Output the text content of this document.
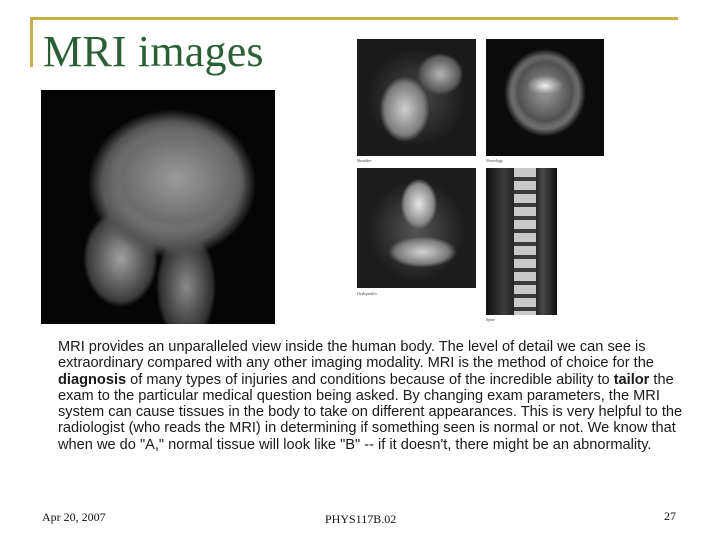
MRI images
Shoulder	Neurology
Orthopedics
Spine

MRI provides an unparalleled view inside the human body. The level of detail we can see is extraordinary compared with any other imaging modality. MRI is the method of choice for the diagnosis of many types of injuries and conditions because of the incredible ability to tailor the exam to the particular medical question being asked. By changing exam parameters, the MRI system can cause tissues in the body to take on different appearances. This is very helpful to the radiologist (who reads the MRI) in determining if something seen is normal or not. We know that when we do "A," normal tissue will look like "B" -- if it doesn't, there might be an abnormality.

Apr 20, 2007	PHYS117B.02	27
